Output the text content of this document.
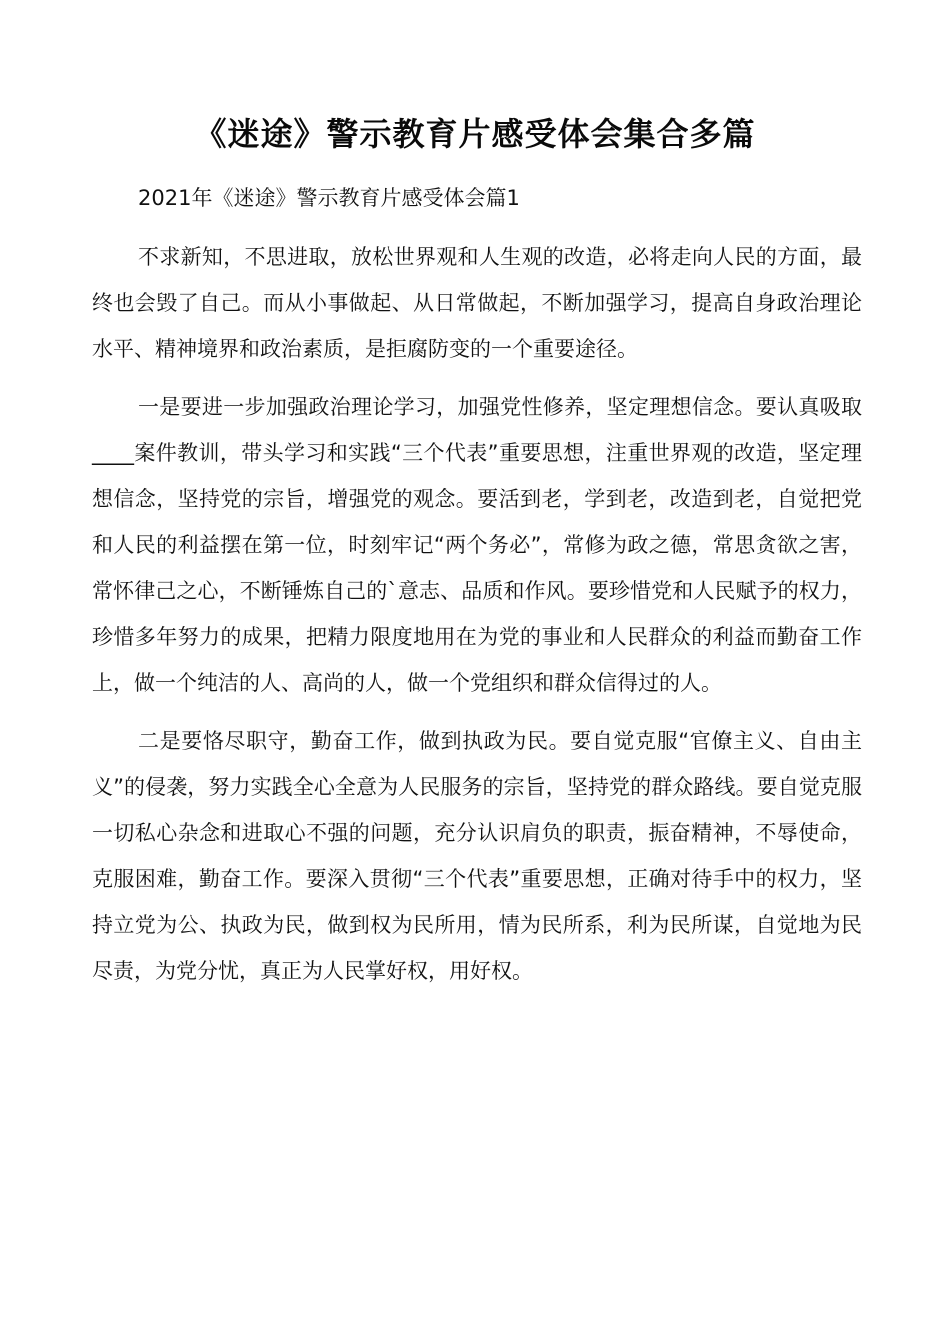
《迷途》警示教育片感受体会集合多篇

2021年《迷途》警示教育片感受体会篇1

不求新知，不思进取，放松世界观和人生观的改造，必将走向人民的方面，最终也会毁了自己。而从小事做起、从日常做起，不断加强学习，提高自身政治理论水平、精神境界和政治素质，是拒腐防变的一个重要途径。

一是要进一步加强政治理论学习，加强党性修养，坚定理想信念。要认真吸取____案件教训，带头学习和实践“三个代表”重要思想，注重世界观的改造，坚定理想信念，坚持党的宗旨，增强党的观念。要活到老，学到老，改造到老，自觉把党和人民的利益摆在第一位，时刻牢记“两个务必”，常修为政之德，常思贪欲之害，常怀律己之心，不断锤炼自己的`意志、品质和作风。要珍惜党和人民赋予的权力，珍惜多年努力的成果，把精力限度地用在为党的事业和人民群众的利益而勤奋工作上，做一个纯洁的人、高尚的人，做一个党组织和群众信得过的人。

二是要恪尽职守，勤奋工作，做到执政为民。要自觉克服“官僚主义、自由主义”的侵袭，努力实践全心全意为人民服务的宗旨，坚持党的群众路线。要自觉克服一切私心杂念和进取心不强的问题，充分认识肩负的职责，振奋精神，不辱使命，克服困难，勤奋工作。要深入贯彻“三个代表”重要思想，正确对待手中的权力，坚持立党为公、执政为民，做到权为民所用，情为民所系，利为民所谋，自觉地为民尽责，为党分忧，真正为人民掌好权，用好权。
